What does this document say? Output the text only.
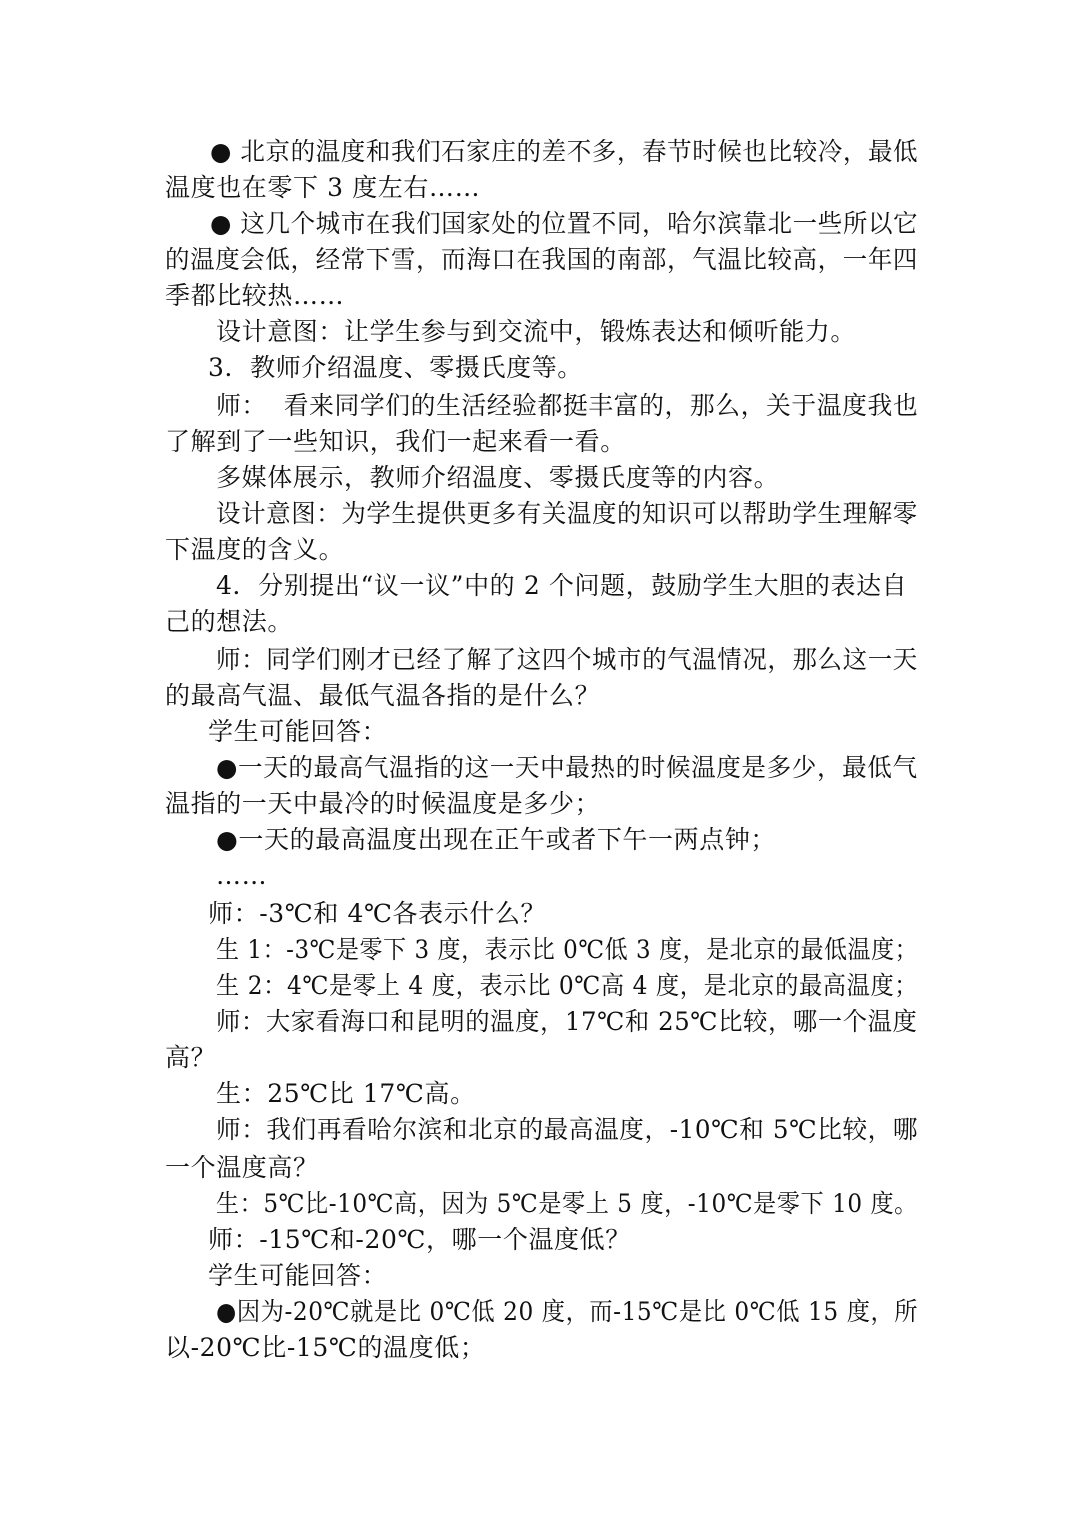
● 北京的温度和我们石家庄的差不多，春节时候也比较冷，最低
温度也在零下 3 度左右……
● 这几个城市在我们国家处的位置不同，哈尔滨靠北一些所以它
的温度会低，经常下雪，而海口在我国的南部，气温比较高，一年四
季都比较热……
设计意图：让学生参与到交流中，锻炼表达和倾听能力。
3．教师介绍温度、零摄氏度等。
师：  看来同学们的生活经验都挺丰富的，那么，关于温度我也
了解到了一些知识，我们一起来看一看。
多媒体展示，教师介绍温度、零摄氏度等的内容。
设计意图：为学生提供更多有关温度的知识可以帮助学生理解零
下温度的含义。
4．分别提出“议一议”中的 2 个问题，鼓励学生大胆的表达自
己的想法。
师：同学们刚才已经了解了这四个城市的气温情况，那么这一天
的最高气温、最低气温各指的是什么？
学生可能回答：
●一天的最高气温指的这一天中最热的时候温度是多少，最低气
温指的一天中最冷的时候温度是多少；
●一天的最高温度出现在正午或者下午一两点钟；
……
师：-3℃和 4℃各表示什么？
生 1：-3℃是零下 3 度，表示比 0℃低 3 度，是北京的最低温度；
生 2：4℃是零上 4 度，表示比 0℃高 4 度，是北京的最高温度；
师：大家看海口和昆明的温度，17℃和 25℃比较，哪一个温度
高？
生：25℃比 17℃高。
师：我们再看哈尔滨和北京的最高温度，-10℃和 5℃比较，哪
一个温度高？
生：5℃比-10℃高，因为 5℃是零上 5 度，-10℃是零下 10 度。
师：-15℃和-20℃，哪一个温度低？
学生可能回答：
●因为-20℃就是比 0℃低 20 度，而-15℃是比 0℃低 15 度，所
以-20℃比-15℃的温度低；
